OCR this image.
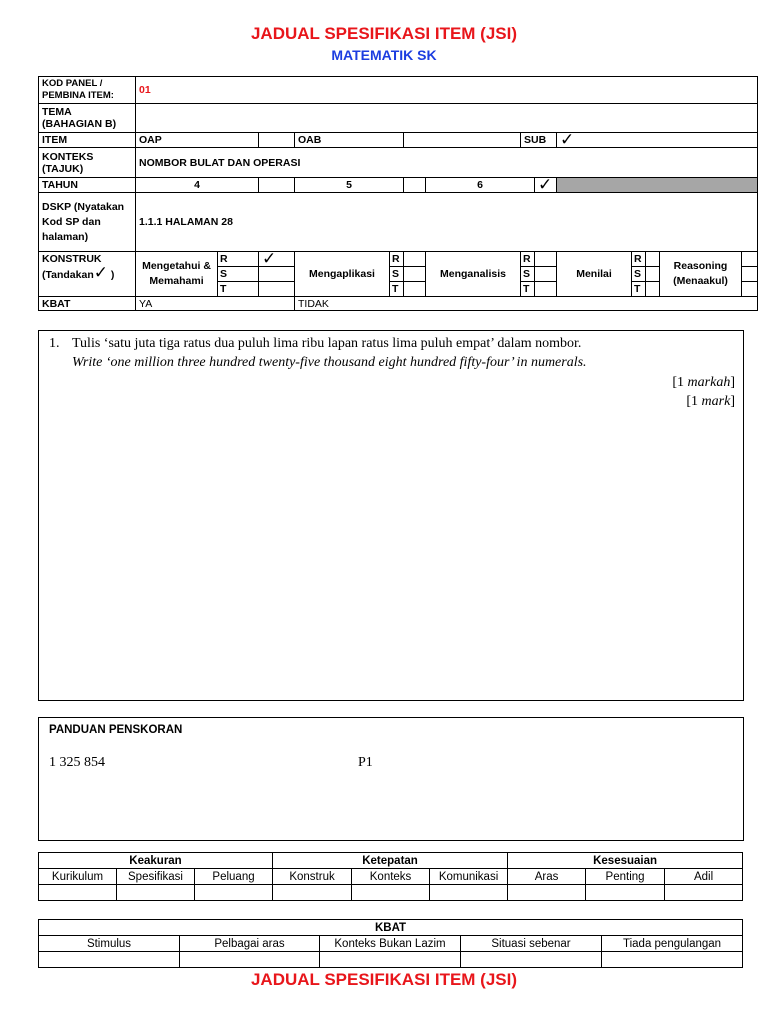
JADUAL SPESIFIKASI ITEM (JSI)
MATEMATIK SK
KOD PANEL / PEMBINA ITEM:	01													
TEMA (BAHAGIAN B)														
ITEM	OAP			OAB				SUB		✓				
KONTEKS (TAJUK)	NOMBOR BULAT DAN OPERASI													
TAHUN	4			5			6		✓					
DSKP (Nyatakan Kod SP dan halaman)	1.1.1 HALAMAN 28													

KONSTRUK
(Tandakan✓ )	Mengetahui & Memahami	R	✓	Mengaplikasi	R		Menganalisis	R		Menilai	R		Reasoning (Menaakul)	
		S			S			S			S			
		T			T			T			T			
KBAT	YA			TIDAK										
1. Tulis ‘satu juta tiga ratus dua puluh lima ribu lapan ratus lima puluh empat’ dalam nombor.
Write ‘one million three hundred twenty-five thousand eight hundred fifty-four’ in numerals.
[1 markah]
[1 mark]
PANDUAN PENSKORAN
1 325 854	P1
Keakuran			Ketepatan			Kesesuaian		
Kurikulum	Spesifikasi	Peluang	Konstruk	Konteks	Komunikasi	Aras	Penting	Adil

KBAT				
Stimulus	Pelbagai aras	Konteks Bukan Lazim	Situasi sebenar	Tiada pengulangan

JADUAL SPESIFIKASI ITEM (JSI)
